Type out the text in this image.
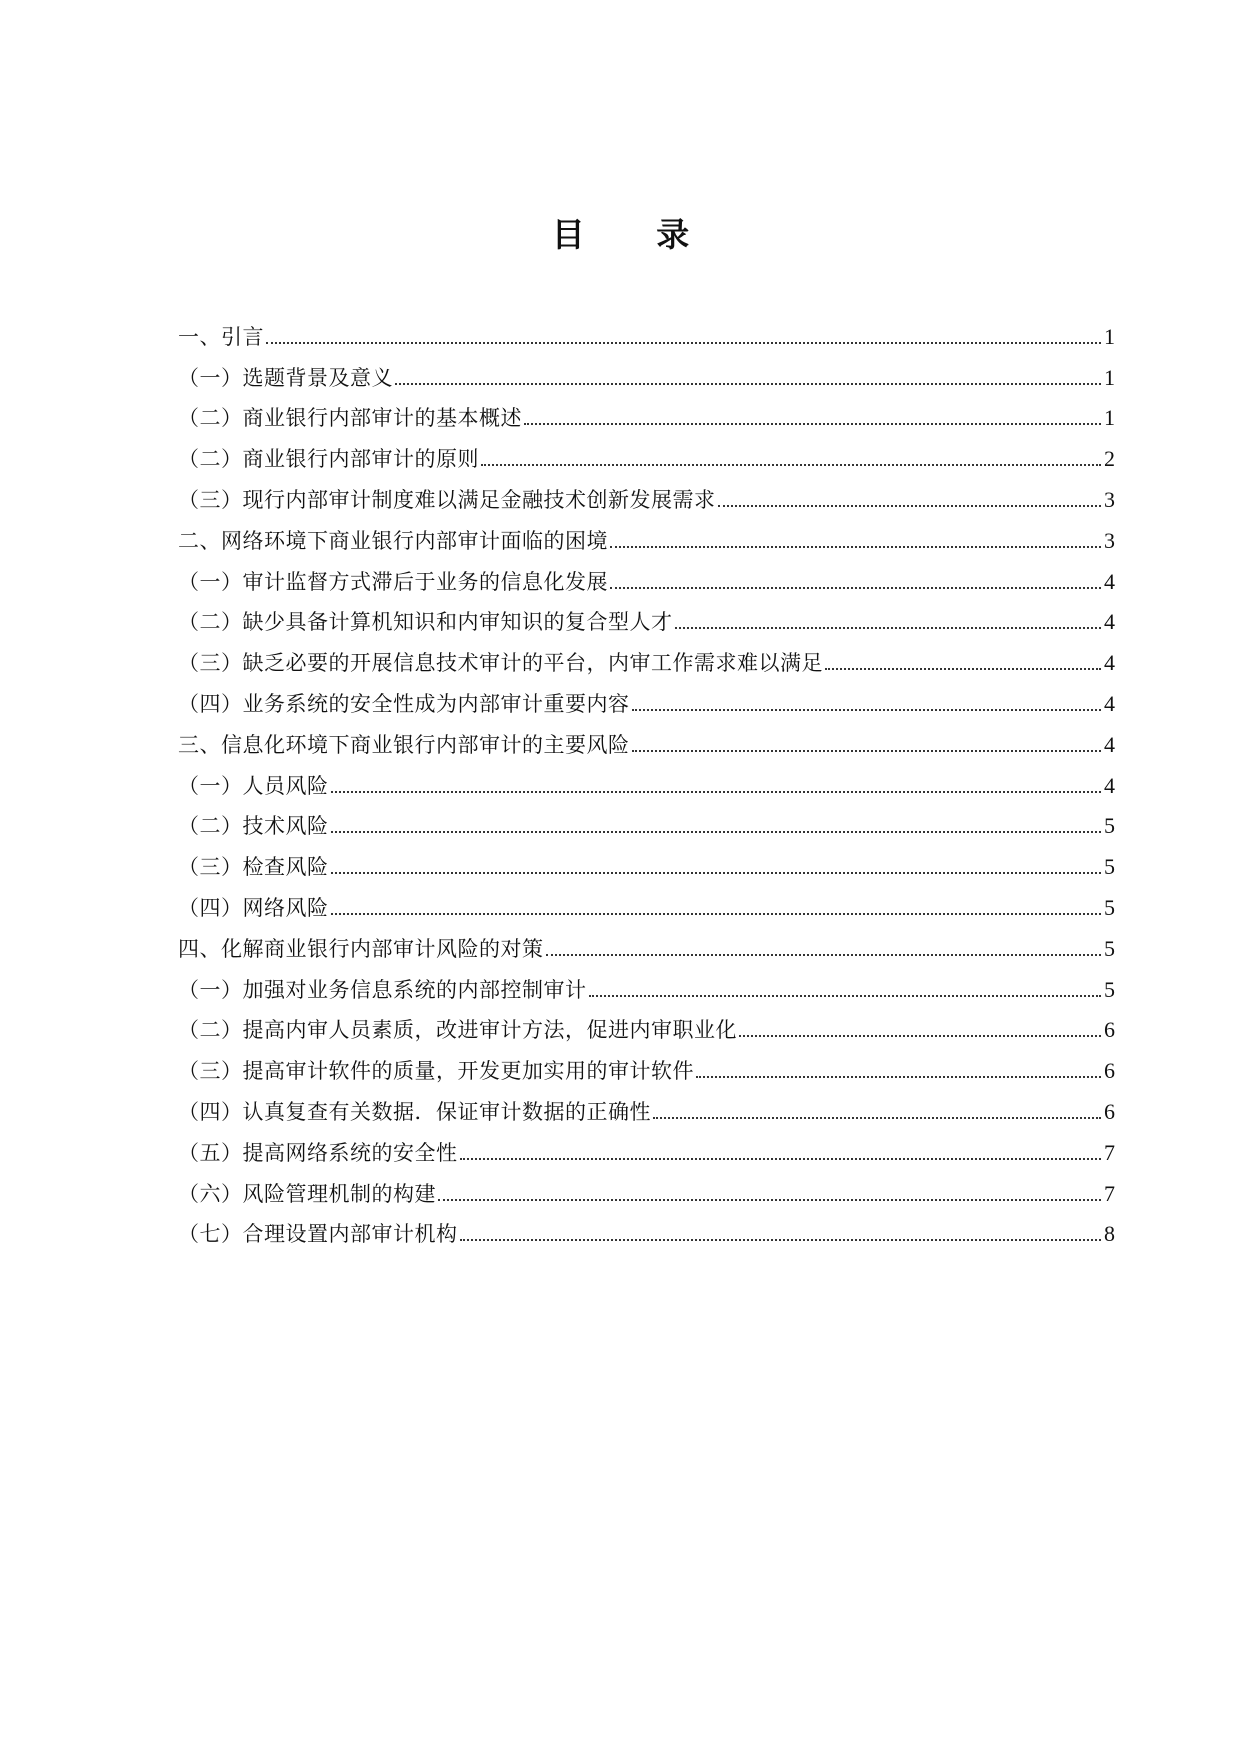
目 录
一、引言	1
（一）选题背景及意义	1
（二）商业银行内部审计的基本概述	1
（二）商业银行内部审计的原则	2
（三）现行内部审计制度难以满足金融技术创新发展需求	3
二、网络环境下商业银行内部审计面临的困境	3
（一）审计监督方式滞后于业务的信息化发展	4
（二）缺少具备计算机知识和内审知识的复合型人才	4
（三）缺乏必要的开展信息技术审计的平台，内审工作需求难以满足	4
（四）业务系统的安全性成为内部审计重要内容	4
三、信息化环境下商业银行内部审计的主要风险	4
（一）人员风险	4
（二）技术风险	5
（三）检查风险	5
（四）网络风险	5
四、化解商业银行内部审计风险的对策	5
（一）加强对业务信息系统的内部控制审计	5
（二）提高内审人员素质，改进审计方法，促进内审职业化	6
（三）提高审计软件的质量，开发更加实用的审计软件	6
（四）认真复查有关数据．保证审计数据的正确性	6
（五）提高网络系统的安全性	7
（六）风险管理机制的构建	7
（七）合理设置内部审计机构	8
